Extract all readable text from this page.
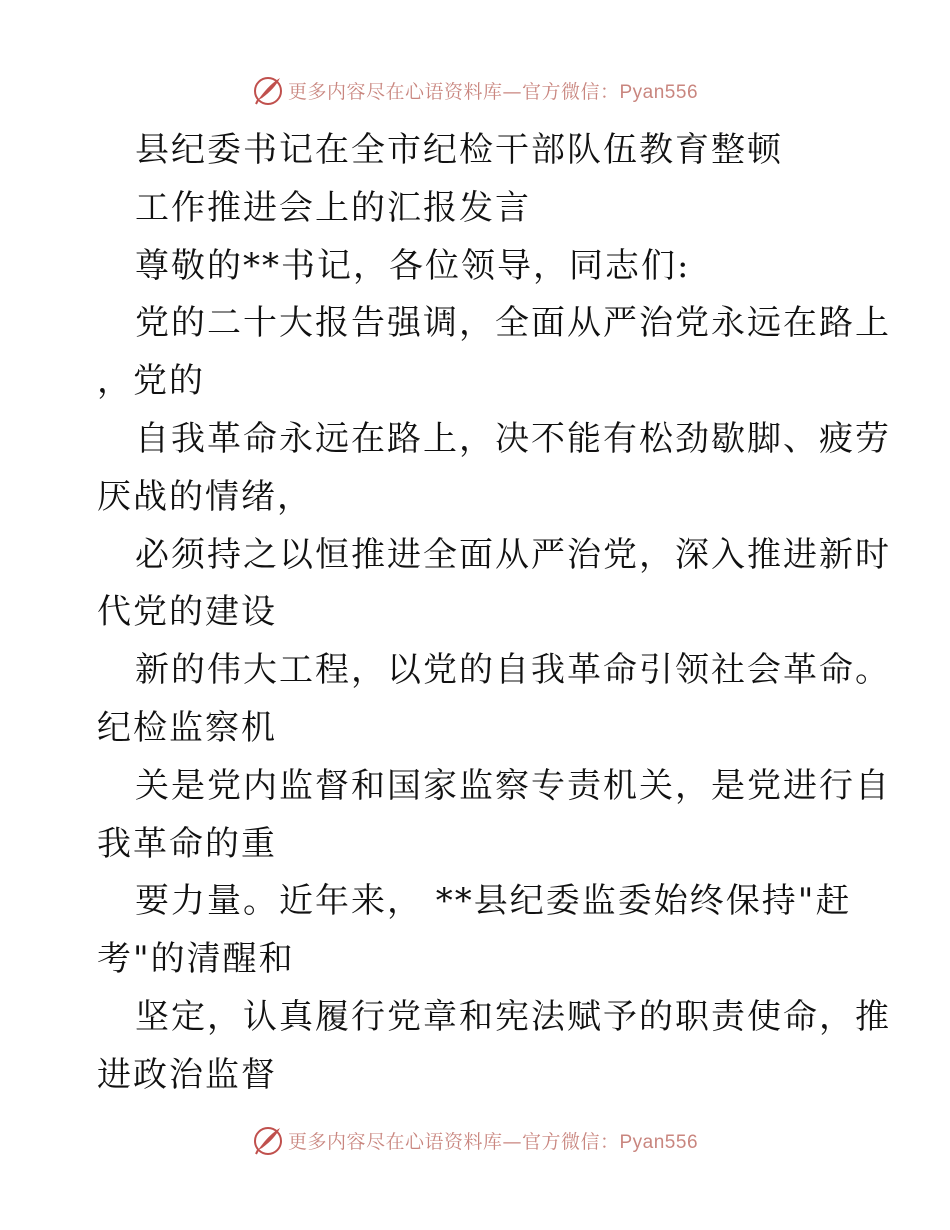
更多内容尽在心语资料库—官方微信：Pyan556
县纪委书记在全市纪检干部队伍教育整顿
工作推进会上的汇报发言
尊敬的**书记，各位领导，同志们:
党的二十大报告强调，全面从严治党永远在路上
，党的
自我革命永远在路上，决不能有松劲歇脚、疲劳
厌战的情绪，
必须持之以恒推进全面从严治党，深入推进新时
代党的建设
新的伟大工程，以党的自我革命引领社会革命。
纪检监察机
关是党内监督和国家监察专责机关，是党进行自
我革命的重
要力量。近年来， **县纪委监委始终保持"赶
考"的清醒和
坚定，认真履行党章和宪法赋予的职责使命，推
进政治监督
更多内容尽在心语资料库—官方微信：Pyan556
